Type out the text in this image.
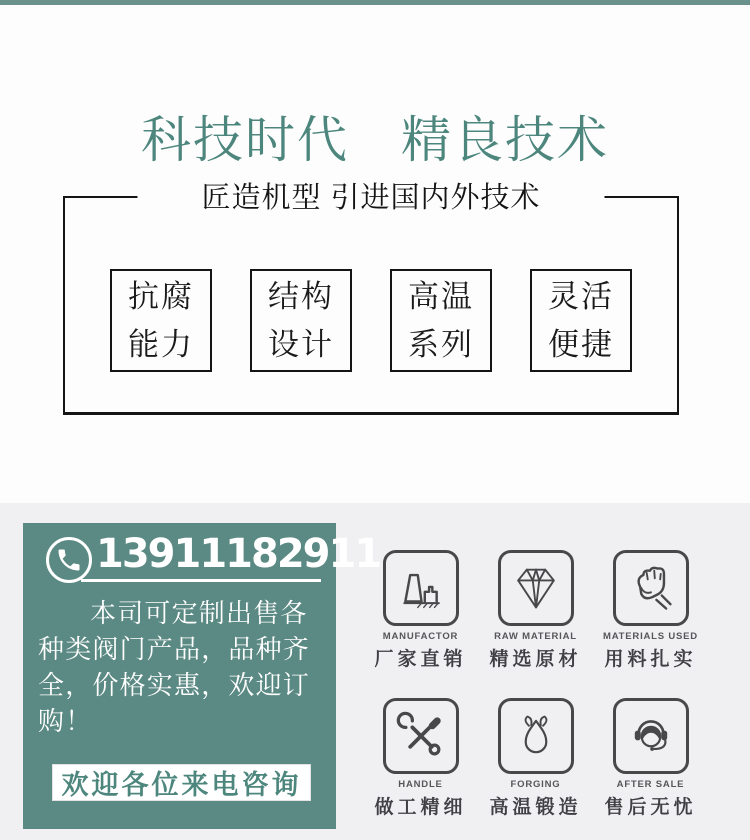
科技时代　精良技术
匠造机型 引进国内外技术
抗腐
能力
结构
设计
高温
系列
灵活
便捷
13911182911
本司可定制出售各种类阀门产品，品种齐全，价格实惠，欢迎订购！
欢迎各位来电咨询
MANUFACTOR
厂家直销
RAW MATERIAL
精选原材
MATERIALS USED
用料扎实
HANDLE
做工精细
FORGING
高温锻造
AFTER SALE
售后无忧
